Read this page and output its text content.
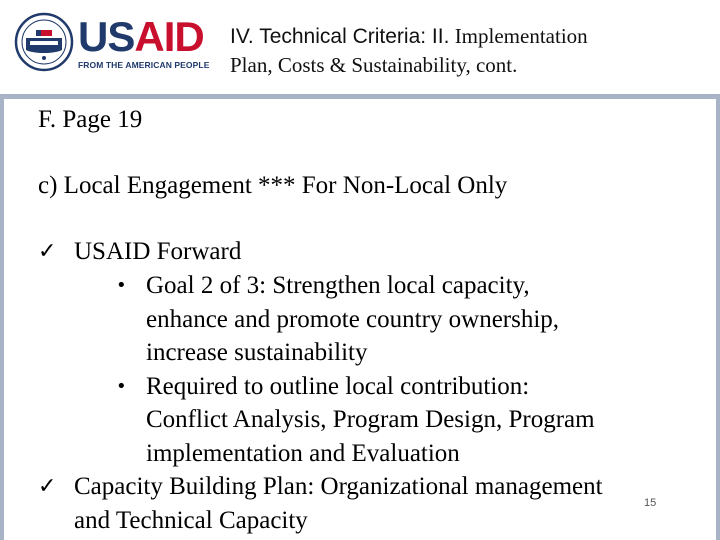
USAID
FROM THE AMERICAN PEOPLE
IV. Technical Criteria: II. Implementation
Plan, Costs & Sustainability, cont.
F. Page 19
c) Local Engagement *** For Non-Local Only
✓ USAID Forward
• Goal 2 of 3: Strengthen local capacity,
enhance and promote country ownership,
increase sustainability
• Required to outline local contribution:
Conflict Analysis, Program Design, Program
implementation and Evaluation
✓ Capacity Building Plan: Organizational management
and Technical Capacity
15
